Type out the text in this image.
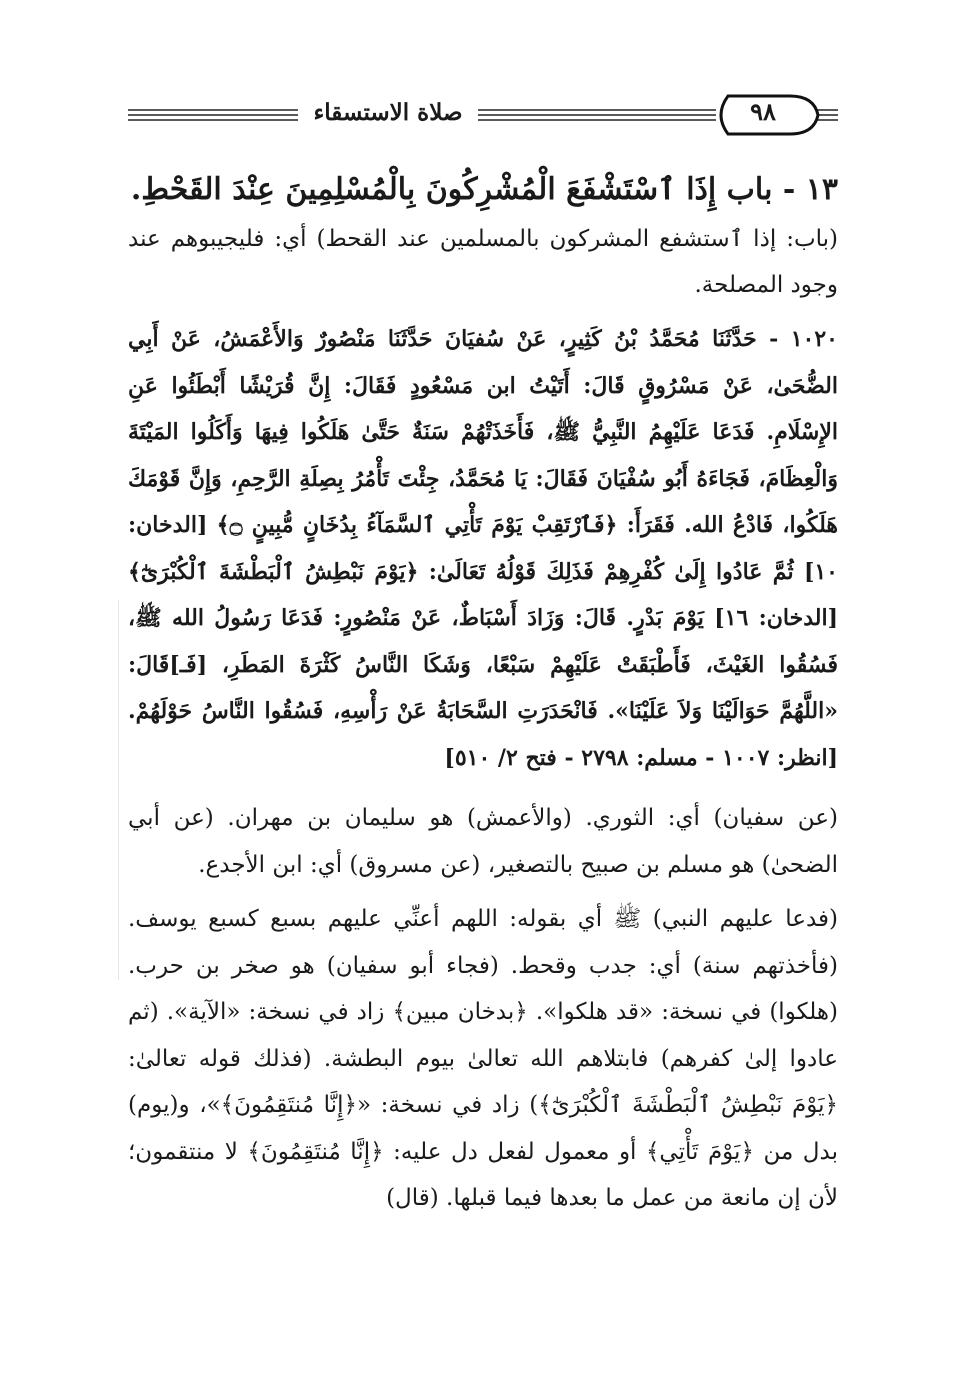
صلاة الاستسقاء	٩٨
١٣ - باب إِذَا ٱسْتَشْفَعَ الْمُشْرِكُونَ بِالْمُسْلِمِينَ عِنْدَ القَحْطِ.

(باب: إذا ٱستشفع المشركون بالمسلمين عند القحط) أي: فليجيبوهم عند وجود المصلحة.

١٠٢٠ - حَدَّثَنَا مُحَمَّدُ بْنُ كَثِيرٍ، عَنْ سُفيَانَ حَدَّثَنَا مَنْصُورٌ وَالأَعْمَشُ، عَنْ أَبِي الضُّحَىٰ، عَنْ مَسْرُوقٍ قَالَ: أَتَيْتُ ابن مَسْعُودٍ فَقَالَ: إِنَّ قُرَيْشًا أَبْطَئُوا عَنِ الإِسْلَامِ. فَدَعَا عَلَيْهِمُ النَّبِيُّ ﷺ، فَأَخَذَتْهُمْ سَنَةٌ حَتَّىٰ هَلَكُوا فِيهَا وَأَكَلُوا المَيْتَةَ وَالْعِظَامَ، فَجَاءَهُ أَبُو سُفْيَانَ فَقَالَ: يَا مُحَمَّدُ، جِئْتَ تَأْمُرُ بِصِلَةِ الرَّحِمِ، وَإِنَّ قَوْمَكَ هَلَكُوا، فَادْعُ الله. فَقَرَأَ: ﴿فَٱرْتَقِبْ يَوْمَ تَأْتِي ٱلسَّمَآءُ بِدُخَانٍ مُّبِينٍ ۝﴾ [الدخان: ١٠] ثُمَّ عَادُوا إِلَىٰ كُفْرِهِمْ فَذَلِكَ قَوْلُهُ تَعَالَىٰ: ﴿يَوْمَ نَبْطِشُ ٱلْبَطْشَةَ ٱلْكُبْرَىٰٓ﴾ [الدخان: ١٦] يَوْمَ بَدْرٍ. قَالَ: وَزَادَ أَسْبَاطٌ، عَنْ مَنْصُورٍ: فَدَعَا رَسُولُ الله ﷺ، فَسُقُوا الغَيْثَ، فَأَطْبَقَتْ عَلَيْهِمْ سَبْعًا، وَشَكَا النَّاسُ كَثْرَةَ المَطَرِ، [فَـ]قَالَ: «اللَّهُمَّ حَوَالَيْنَا وَلاَ عَلَيْنَا». فَانْحَدَرَتِ السَّحَابَةُ عَنْ رَأْسِهِ، فَسُقُوا النَّاسُ حَوْلَهُمْ. [انظر: ١٠٠٧ - مسلم: ٢٧٩٨ - فتح ٢/ ٥١٠]

(عن سفيان) أي: الثوري. (والأعمش) هو سليمان بن مهران. (عن أبي الضحىٰ) هو مسلم بن صبيح بالتصغير، (عن مسروق) أي: ابن الأجدع.

(فدعا عليهم النبي) ﷺ أي بقوله: اللهم أعنِّي عليهم بسبع كسبع يوسف. (فأخذتهم سنة) أي: جدب وقحط. (فجاء أبو سفيان) هو صخر بن حرب. (هلكوا) في نسخة: «قد هلكوا». ﴿بدخان مبين﴾ زاد في نسخة: «الآية». (ثم عادوا إلىٰ كفرهم) فابتلاهم الله تعالىٰ بيوم البطشة. (فذلك قوله تعالىٰ: ﴿يَوْمَ نَبْطِشُ ٱلْبَطْشَةَ ٱلْكُبْرَىٰٓ﴾) زاد في نسخة: «﴿إِنَّا مُنتَقِمُونَ﴾»، و(يوم) بدل من ﴿يَوْمَ تَأْتِي﴾ أو معمول لفعل دل عليه: ﴿إِنَّا مُنتَقِمُونَ﴾ لا منتقمون؛ لأن إن مانعة من عمل ما بعدها فيما قبلها. (قال)
